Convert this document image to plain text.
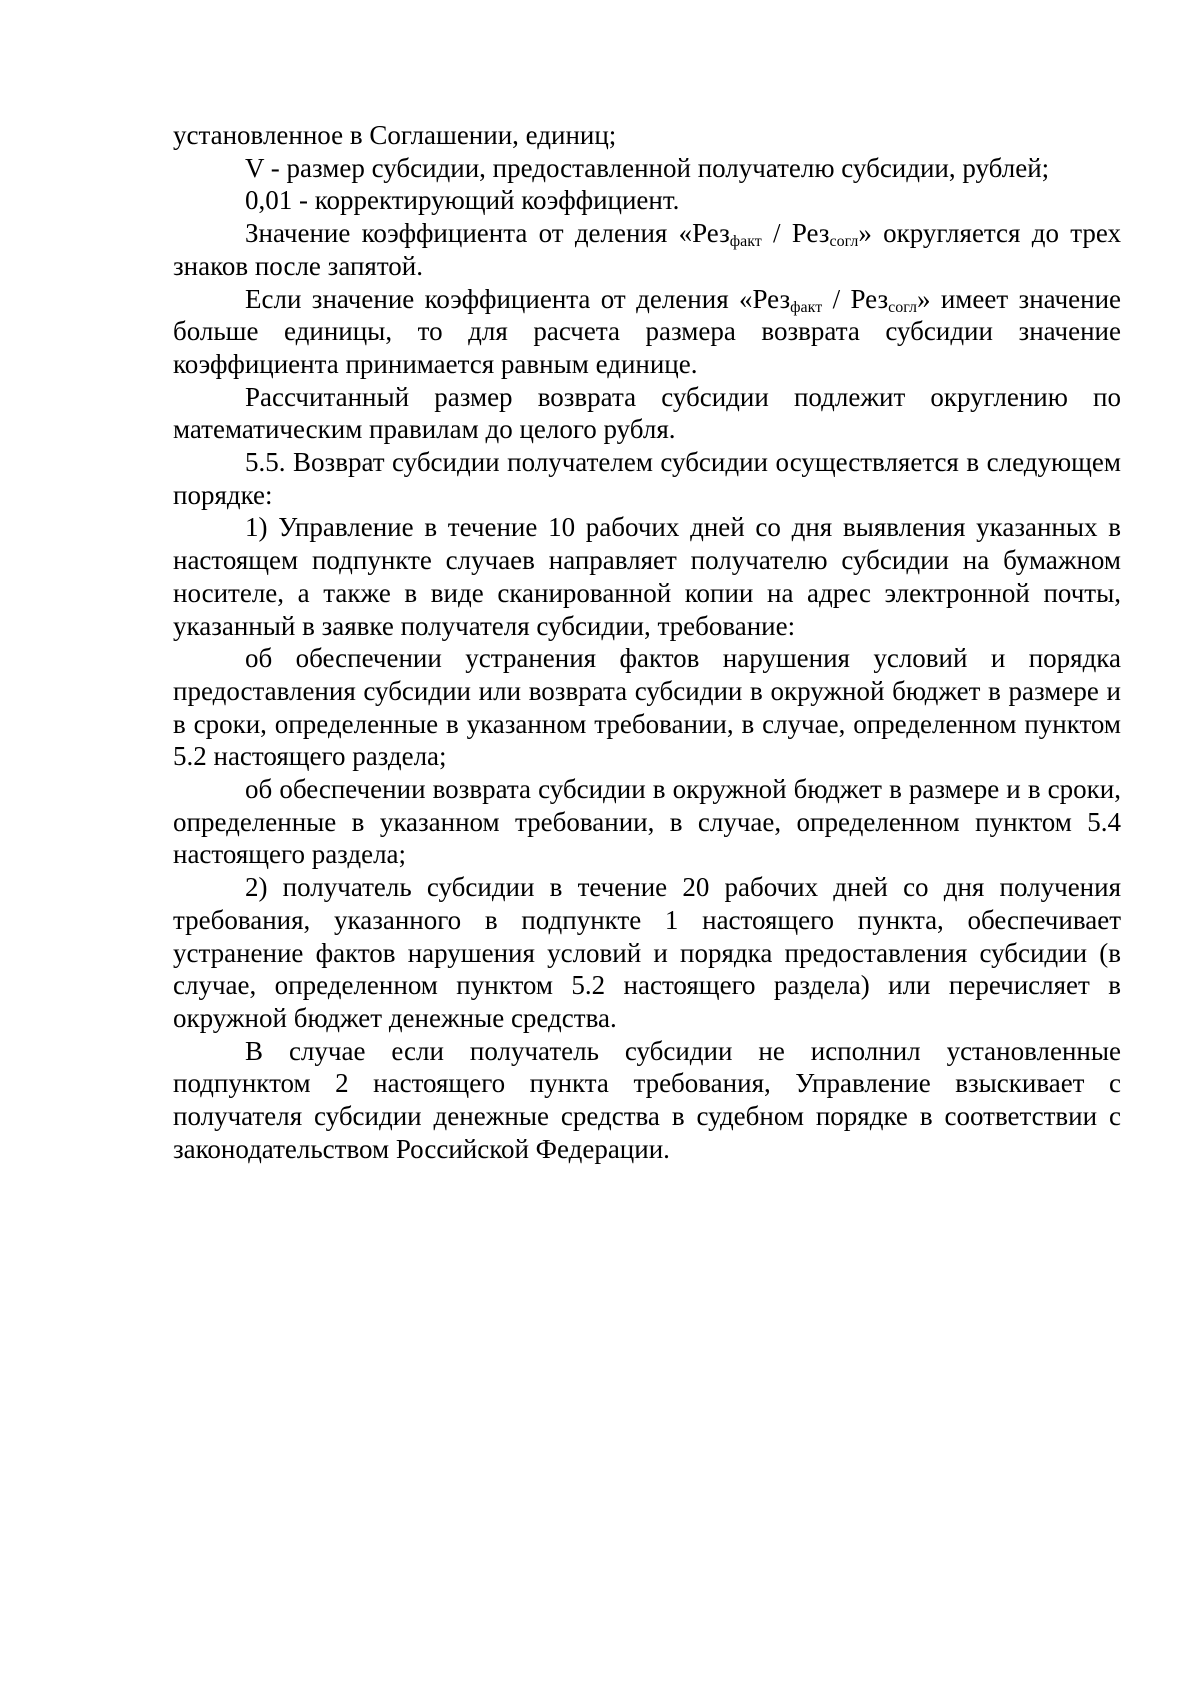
установленное в Соглашении, единиц;

V - размер субсидии, предоставленной получателю субсидии, рублей;

0,01 - корректирующий коэффициент.

Значение коэффициента от деления «Рез$_{факт}$ / Рез$_{согл}$» округляется до трех знаков после запятой.

Если значение коэффициента от деления «Рез$_{факт}$ / Рез$_{согл}$» имеет значение больше единицы, то для расчета размера возврата субсидии значение коэффициента принимается равным единице.

Рассчитанный размер возврата субсидии подлежит округлению по математическим правилам до целого рубля.

5.5. Возврат субсидии получателем субсидии осуществляется в следующем порядке:

1) Управление в течение 10 рабочих дней со дня выявления указанных в настоящем подпункте случаев направляет получателю субсидии на бумажном носителе, а также в виде сканированной копии на адрес электронной почты, указанный в заявке получателя субсидии, требование:

об обеспечении устранения фактов нарушения условий и порядка предоставления субсидии или возврата субсидии в окружной бюджет в размере и в сроки, определенные в указанном требовании, в случае, определенном пунктом 5.2 настоящего раздела;

об обеспечении возврата субсидии в окружной бюджет в размере и в сроки, определенные в указанном требовании, в случае, определенном пунктом 5.4 настоящего раздела;

2) получатель субсидии в течение 20 рабочих дней со дня получения требования, указанного в подпункте 1 настоящего пункта, обеспечивает устранение фактов нарушения условий и порядка предоставления субсидии (в случае, определенном пунктом 5.2 настоящего раздела) или перечисляет в окружной бюджет денежные средства.

В случае если получатель субсидии не исполнил установленные подпунктом 2 настоящего пункта требования, Управление взыскивает с получателя субсидии денежные средства в судебном порядке в соответствии с законодательством Российской Федерации.
